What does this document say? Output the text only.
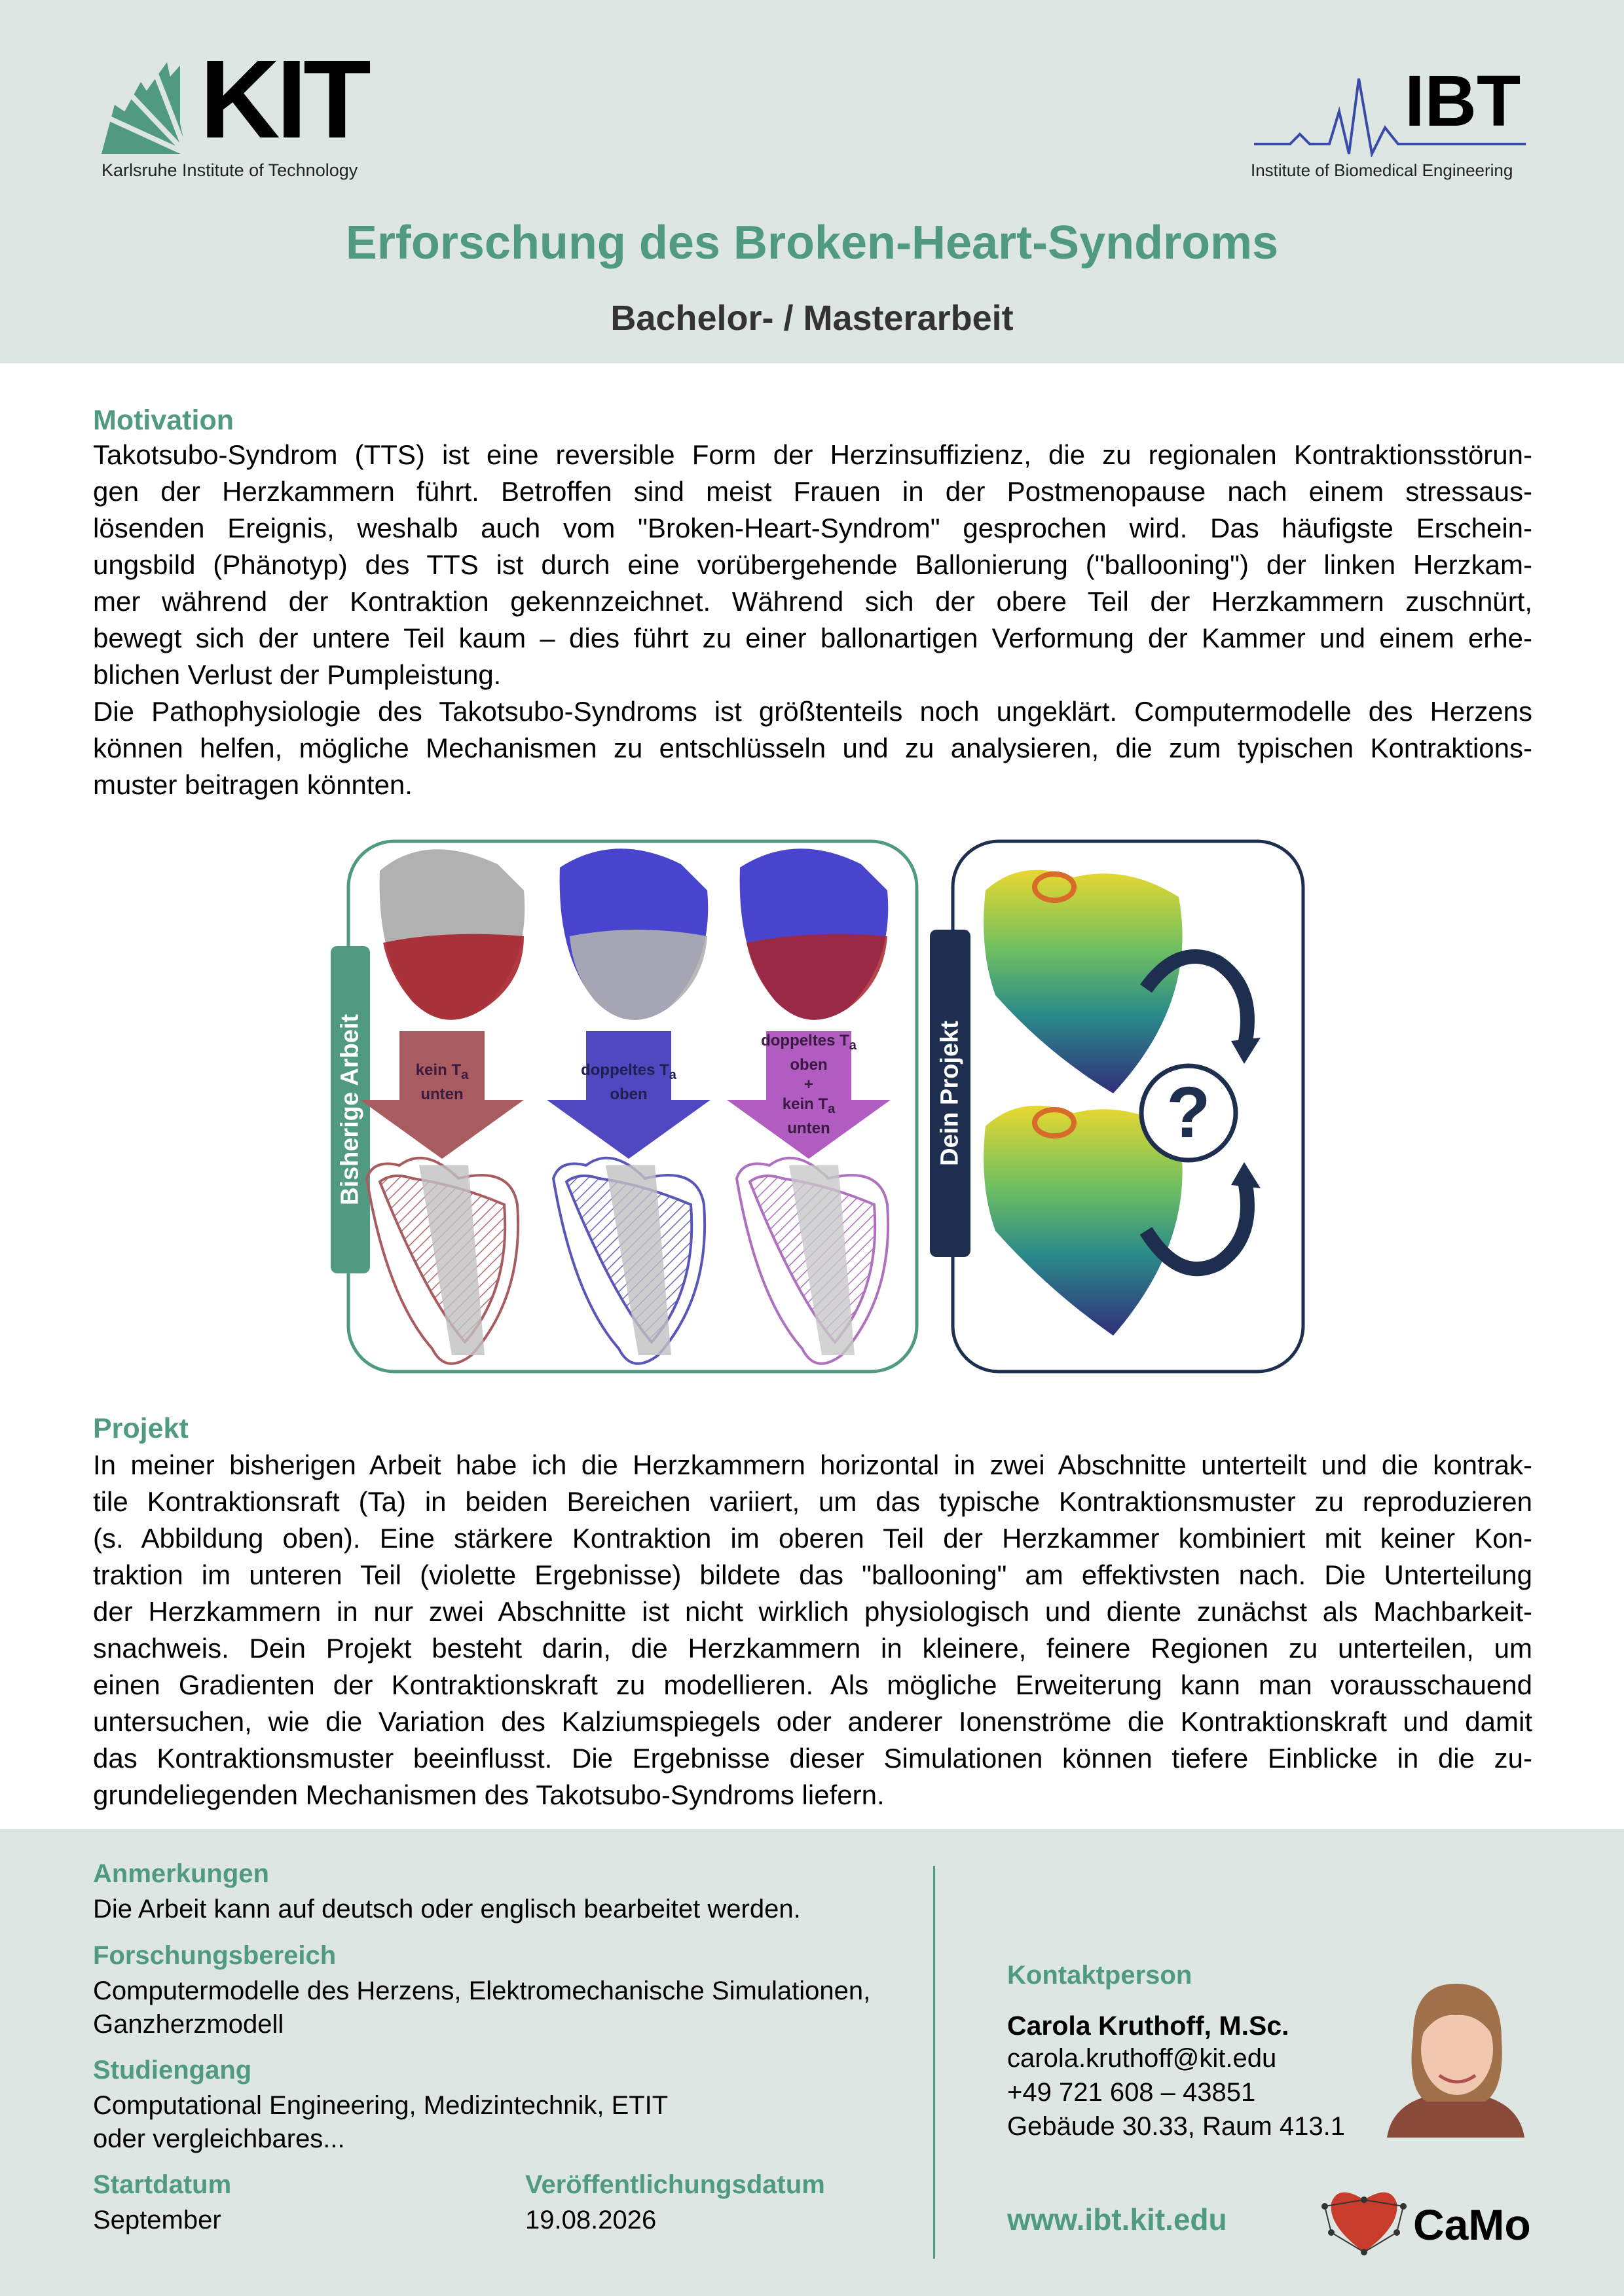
KIT
Karlsruhe Institute of Technology
IBT
Institute of Biomedical Engineering
Erforschung des Broken-Heart-Syndroms
Bachelor- / Masterarbeit
Motivation
Takotsubo-Syndrom (TTS) ist eine reversible Form der Herzinsuffizienz, die zu regionalen Kontraktionsstörun-
gen der Herzkammern führt. Betroffen sind meist Frauen in der Postmenopause nach einem stressaus-
lösenden Ereignis, weshalb auch vom "Broken-Heart-Syndrom" gesprochen wird. Das häufigste Erschein-
ungsbild (Phänotyp) des TTS ist durch eine vorübergehende Ballonierung ("ballooning") der linken Herzkam-
mer während der Kontraktion gekennzeichnet. Während sich der obere Teil der Herzkammern zuschnürt,
bewegt sich der untere Teil kaum – dies führt zu einer ballonartigen Verformung der Kammer und einem erhe-
blichen Verlust der Pumpleistung.
Die Pathophysiologie des Takotsubo-Syndroms ist größtenteils noch ungeklärt. Computermodelle des Herzens
können helfen, mögliche Mechanismen zu entschlüsseln und zu analysieren, die zum typischen Kontraktions-
muster beitragen könnten.
Bisherige Arbeit	Dein Projekt	?
kein $T_a$
unten
doppeltes $T_a$
oben
doppeltes $T_a$
oben
+
kein $T_a$
unten
Projekt
In meiner bisherigen Arbeit habe ich die Herzkammern horizontal in zwei Abschnitte unterteilt und die kontrak-
tile Kontraktionsraft (Ta) in beiden Bereichen variiert, um das typische Kontraktionsmuster zu reproduzieren
(s. Abbildung oben). Eine stärkere Kontraktion im oberen Teil der Herzkammer kombiniert mit keiner Kon-
traktion im unteren Teil (violette Ergebnisse) bildete das "ballooning" am effektivsten nach. Die Unterteilung
der Herzkammern in nur zwei Abschnitte ist nicht wirklich physiologisch und diente zunächst als Machbarkeit-
snachweis. Dein Projekt besteht darin, die Herzkammern in kleinere, feinere Regionen zu unterteilen, um
einen Gradienten der Kontraktionskraft zu modellieren. Als mögliche Erweiterung kann man vorausschauend
untersuchen, wie die Variation des Kalziumspiegels oder anderer Ionenströme die Kontraktionskraft und damit
das Kontraktionsmuster beeinflusst. Die Ergebnisse dieser Simulationen können tiefere Einblicke in die zu-
grundeliegenden Mechanismen des Takotsubo-Syndroms liefern.
Anmerkungen
Die Arbeit kann auf deutsch oder englisch bearbeitet werden.
Forschungsbereich
Computermodelle des Herzens, Elektromechanische Simulationen,
Ganzherzmodell
Studiengang
Computational Engineering, Medizintechnik, ETIT
oder vergleichbares...
Startdatum
September
Veröffentlichungsdatum
19.08.2026
Kontaktperson
Carola Kruthoff, M.Sc.
carola.kruthoff@kit.edu
+49 721 608 – 43851
Gebäude 30.33, Raum 413.1
www.ibt.kit.edu	CaMo
